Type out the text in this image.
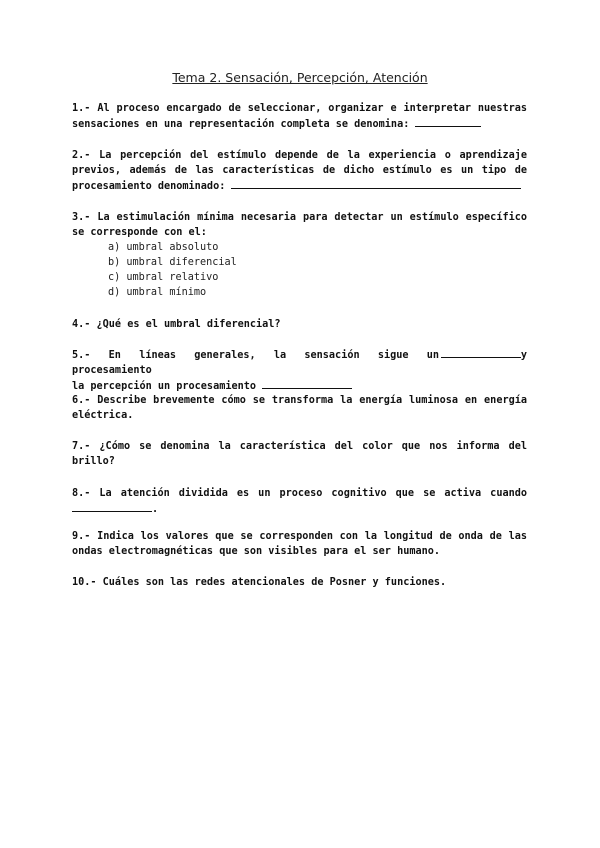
Tema 2. Sensación, Percepción, Atención
1.- Al proceso encargado de seleccionar, organizar e interpretar nuestras
sensaciones en una representación completa se denomina:
2.- La percepción del estímulo depende de la experiencia o aprendizaje
previos, además de las características de dicho estímulo es un tipo de
procesamiento denominado:
3.- La estimulación mínima necesaria para detectar un estímulo específico
se corresponde con el:
a) umbral absoluto
b) umbral diferencial
c) umbral relativo
d) umbral mínimo
4.- ¿Qué es el umbral diferencial?
5.- En líneas generales, la sensación sigue un procesamiento
y
la percepción un procesamiento
6.- Describe brevemente cómo se transforma la energía luminosa en energía
eléctrica.
7.- ¿Cómo se denomina la característica del color que nos informa del
brillo?
8.- La atención dividida es un proceso cognitivo que se activa cuando
.
9.- Indica los valores que se corresponden con la longitud de onda de las
ondas electromagnéticas que son visibles para el ser humano.
10.- Cuáles son las redes atencionales de Posner y funciones.
